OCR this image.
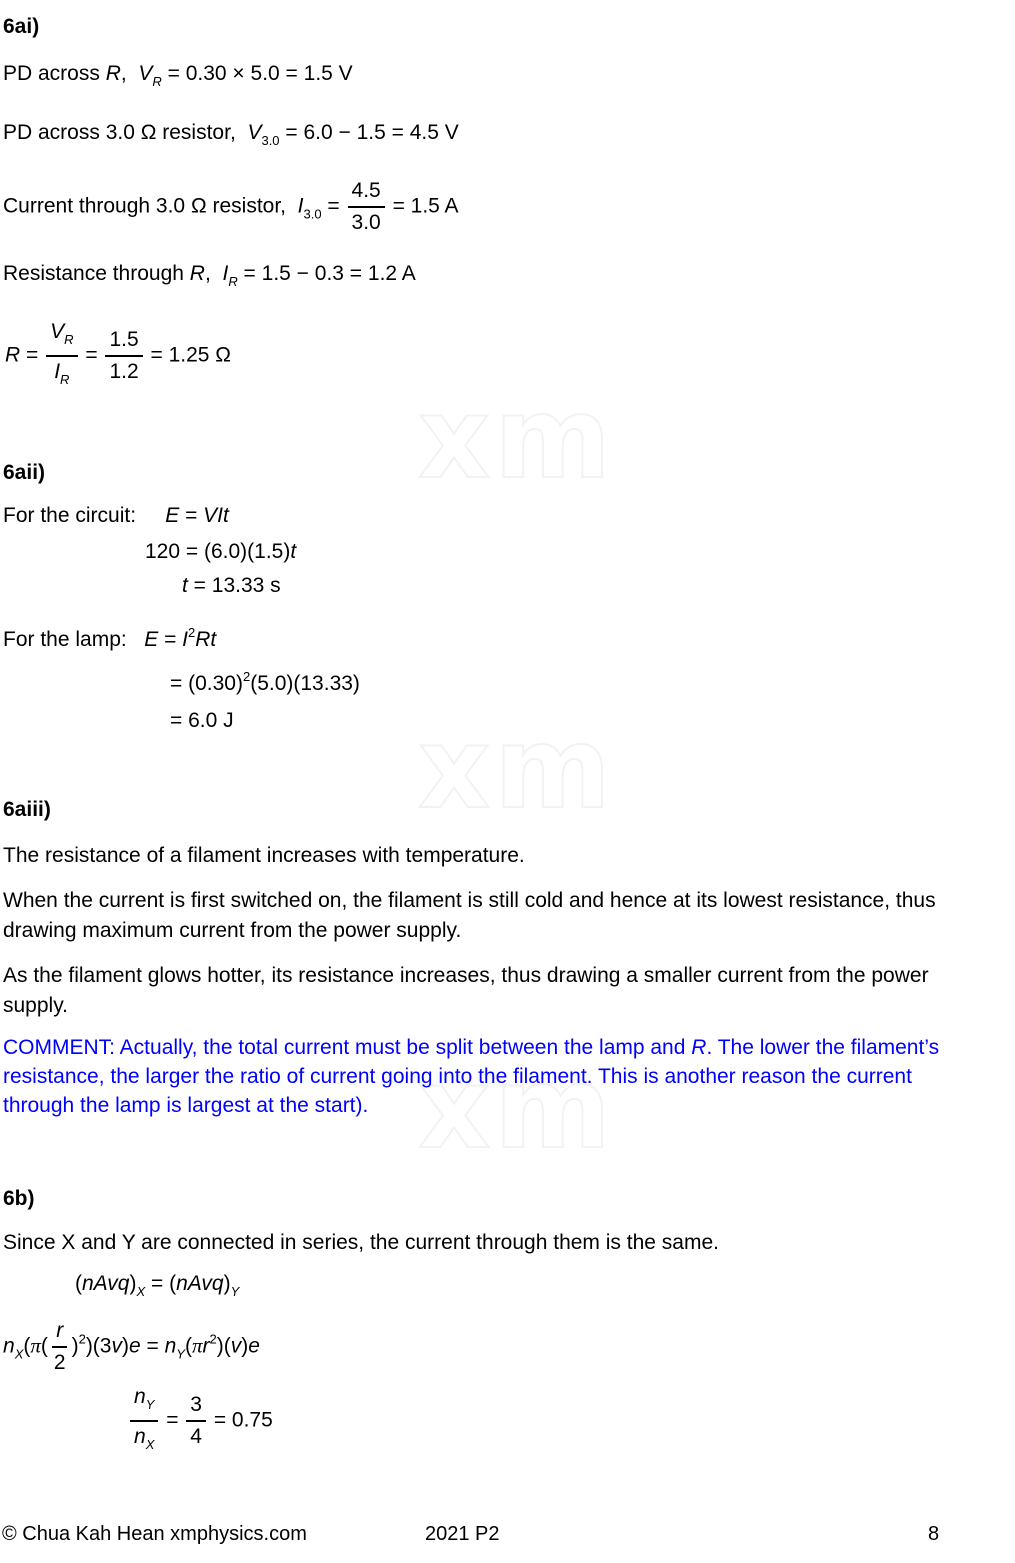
xm
xm
xm
6ai)
PD across R,  $V_R = 0.30 \times 5.0 = 1.5$ V
PD across 3.0 Ω resistor,  $V_{3.0} = 6.0 - 1.5 = 4.5$ V
Current through 3.0 Ω resistor,  $I_{3.0} = \frac{4.5}{3.0} = 1.5$ A
Resistance through R,  $I_R = 1.5 - 0.3 = 1.2$ A
$R = \frac{V_R}{I_R} = \frac{1.5}{1.2} = 1.25$ Ω
6aii)
For the circuit:     E = VIt
120 = (6.0)(1.5)t
t = 13.33 s
For the lamp:   $E = I^2Rt$
= $(0.30)^2(5.0)(13.33)$
= 6.0 J
6aiii)
The resistance of a filament increases with temperature.
When the current is first switched on, the filament is still cold and hence at its lowest resistance, thus
drawing maximum current from the power supply.
As the filament glows hotter, its resistance increases, thus drawing a smaller current from the power
supply.
COMMENT: Actually, the total current must be split between the lamp and R. The lower the filament’s
resistance, the larger the ratio of current going into the filament. This is another reason the current
through the lamp is largest at the start).
6b)
Since X and Y are connected in series, the current through them is the same.
$(nAvq)_X$ = $(nAvq)_Y$
$n_X(\pi( \frac{r}{2} )^2)(3v)e = n_Y(\pi r^2)(v)e$
$\frac{n_Y}{n_X} = \frac{3}{4} = 0.75$
© Chua Kah Hean xmphysics.com	2021 P2	8
